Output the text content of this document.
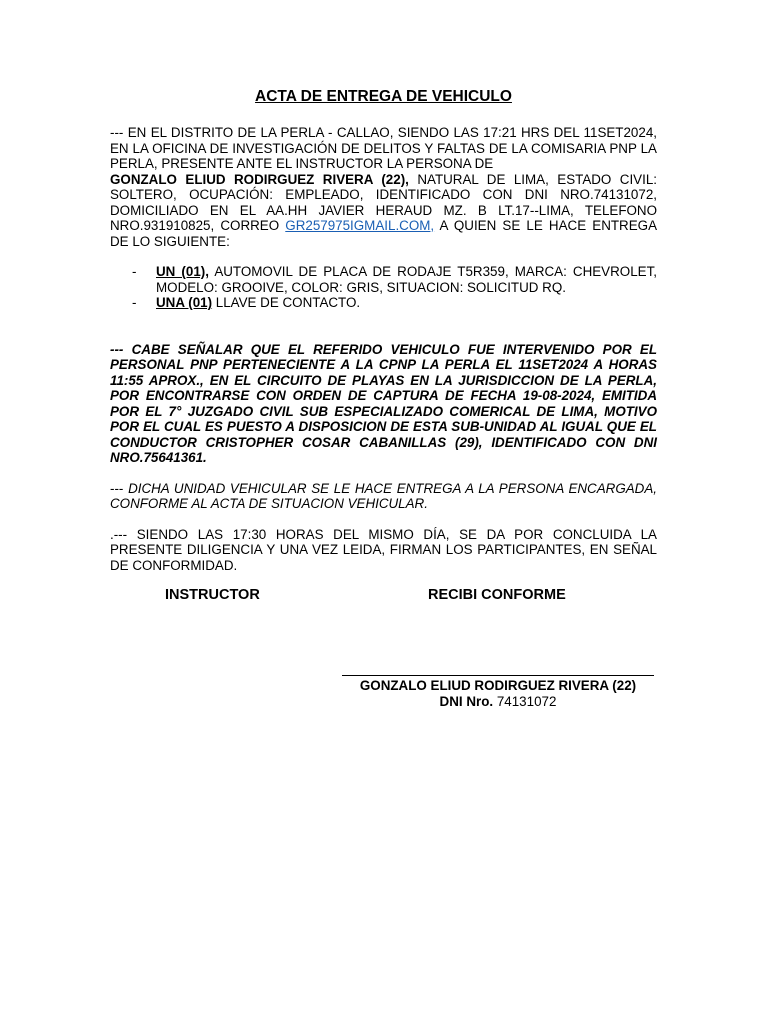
ACTA DE ENTREGA DE VEHICULO

--- EN EL DISTRITO DE LA PERLA - CALLAO, SIENDO LAS 17:21 HRS DEL 11SET2024, EN LA OFICINA DE INVESTIGACIÓN DE DELITOS Y FALTAS DE LA COMISARIA PNP LA PERLA, PRESENTE ANTE EL INSTRUCTOR LA PERSONA DE
GONZALO ELIUD RODIRGUEZ RIVERA (22), NATURAL DE LIMA, ESTADO CIVIL: SOLTERO, OCUPACIÓN: EMPLEADO, IDENTIFICADO CON DNI NRO.74131072, DOMICILIADO EN EL AA.HH JAVIER HERAUD MZ. B LT.17--LIMA, TELEFONO NRO.931910825, CORREO GR257975IGMAIL.COM, A QUIEN SE LE HACE ENTREGA DE LO SIGUIENTE:

- UN (01), AUTOMOVIL DE PLACA DE RODAJE T5R359, MARCA: CHEVROLET, MODELO: GROOIVE, COLOR: GRIS, SITUACION: SOLICITUD RQ.
- UNA (01) LLAVE DE CONTACTO.

--- CABE SEÑALAR QUE EL REFERIDO VEHICULO FUE INTERVENIDO POR EL PERSONAL PNP PERTENECIENTE A LA CPNP LA PERLA EL 11SET2024 A HORAS 11:55 APROX., EN EL CIRCUITO DE PLAYAS EN LA JURISDICCION DE LA PERLA, POR ENCONTRARSE CON ORDEN DE CAPTURA DE FECHA 19-08-2024, EMITIDA POR EL 7° JUZGADO CIVIL SUB ESPECIALIZADO COMERICAL DE LIMA, MOTIVO POR EL CUAL ES PUESTO A DISPOSICION DE ESTA SUB-UNIDAD AL IGUAL QUE EL CONDUCTOR CRISTOPHER COSAR CABANILLAS (29), IDENTIFICADO CON DNI NRO.75641361.

--- DICHA UNIDAD VEHICULAR SE LE HACE ENTREGA A LA PERSONA ENCARGADA, CONFORME AL ACTA DE SITUACION VEHICULAR.

.--- SIENDO LAS 17:30 HORAS DEL MISMO DÍA, SE DA POR CONCLUIDA LA PRESENTE DILIGENCIA Y UNA VEZ LEIDA, FIRMAN LOS PARTICIPANTES, EN SEÑAL DE CONFORMIDAD.

INSTRUCTOR	RECIBI CONFORME
GONZALO ELIUD RODIRGUEZ RIVERA (22)
DNI Nro. 74131072
